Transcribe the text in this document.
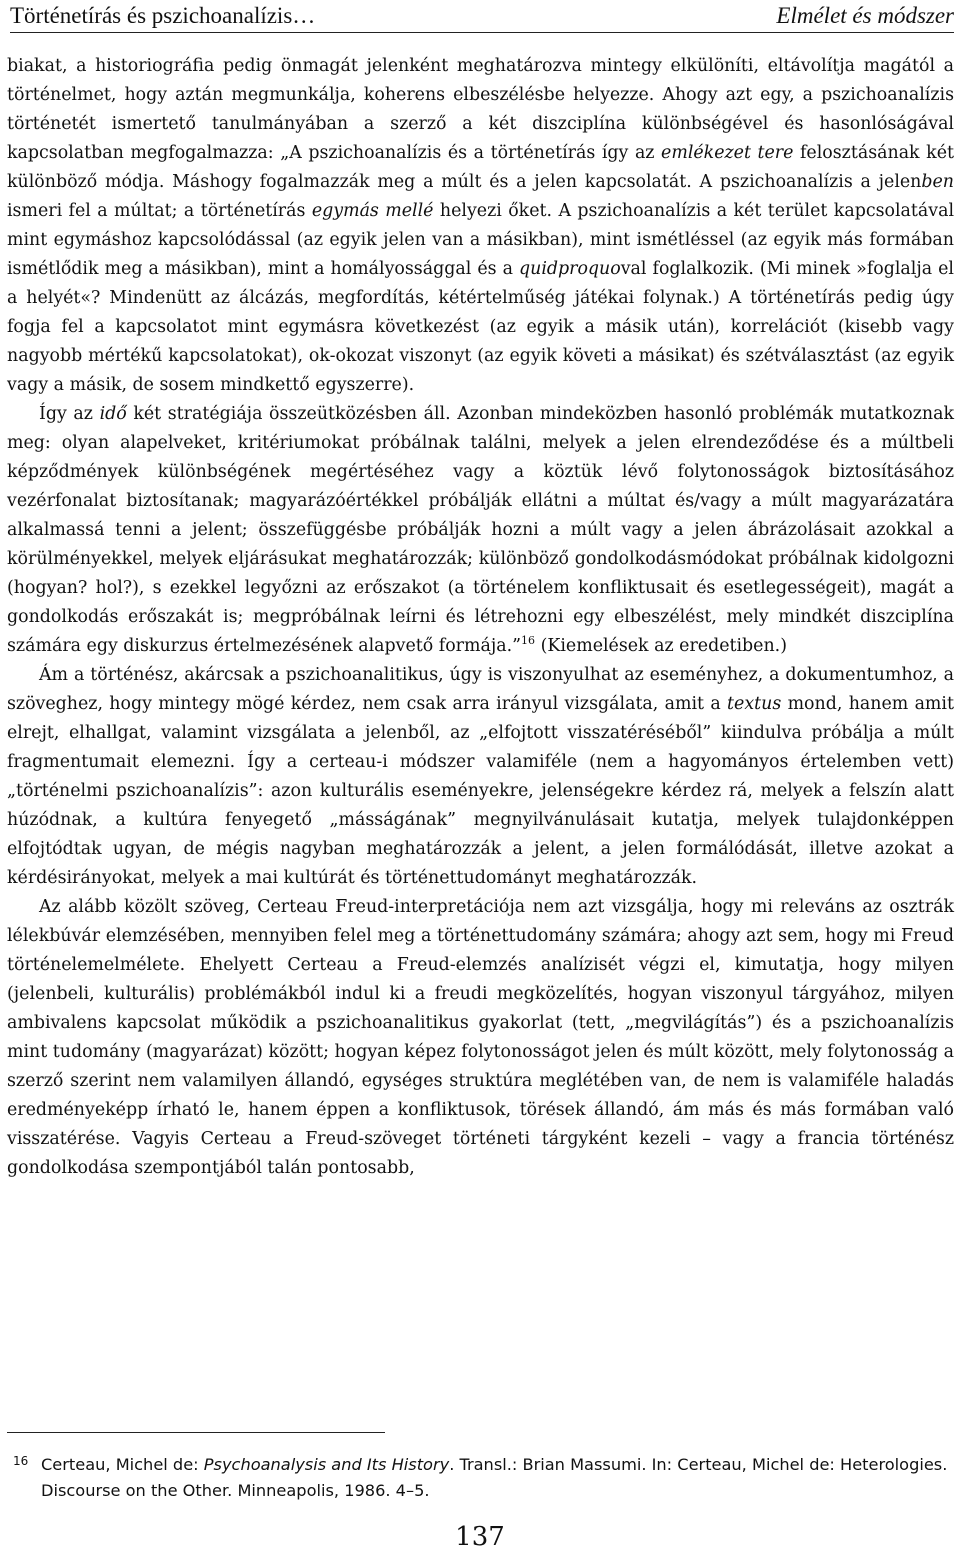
Történetírás és pszichoanalízis…	Elmélet és módszer

biakat, a historiográfia pedig önmagát jelenként meghatározva mintegy elkülöníti, eltávolítja magától a történelmet, hogy aztán megmunkálja, koherens elbeszélésbe helyezze. Ahogy azt egy, a pszichoanalízis történetét ismertető tanulmányában a szerző a két diszciplína különbségével és hasonlóságával kapcsolatban megfogalmazza: „A pszichoanalízis és a történetírás így az emlékezet tere felosztásának két különböző módja. Máshogy fogalmazzák meg a múlt és a jelen kapcsolatát. A pszichoanalízis a jelenben ismeri fel a múltat; a történetírás egymás mellé helyezi őket. A pszichoanalízis a két terület kapcsolatával mint egymáshoz kapcsolódással (az egyik jelen van a másikban), mint ismétléssel (az egyik más formában ismétlődik meg a másikban), mint a homályossággal és a quidproquoval foglalkozik. (Mi minek »foglalja el a helyét«? Mindenütt az álcázás, megfordítás, kétértelműség játékai folynak.) A történetírás pedig úgy fogja fel a kapcsolatot mint egymásra következést (az egyik a másik után), korrelációt (kisebb vagy nagyobb mértékű kapcsolatokat), ok-okozat viszonyt (az egyik követi a másikat) és szétválasztást (az egyik vagy a másik, de sosem mindkettő egyszerre).

Így az idő két stratégiája összeütközésben áll. Azonban mindeközben hasonló problémák mutatkoznak meg: olyan alapelveket, kritériumokat próbálnak találni, melyek a jelen elrendeződése és a múltbeli képződmények különbségének megértéséhez vagy a köztük lévő folytonosságok biztosításához vezérfonalat biztosítanak; magyarázóértékkel próbálják ellátni a múltat és/vagy a múlt magyarázatára alkalmassá tenni a jelent; összefüggésbe próbálják hozni a múlt vagy a jelen ábrázolásait azokkal a körülményekkel, melyek eljárásukat meghatározzák; különböző gondolkodásmódokat próbálnak kidolgozni (hogyan? hol?), s ezekkel legyőzni az erőszakot (a történelem konfliktusait és esetlegességeit), magát a gondolkodás erőszakát is; megpróbálnak leírni és létrehozni egy elbeszélést, mely mindkét diszciplína számára egy diskurzus értelmezésének alapvető formája.”$^{16}$ (Kiemelések az eredetiben.)

Ám a történész, akárcsak a pszichoanalitikus, úgy is viszonyulhat az eseményhez, a dokumentumhoz, a szöveghez, hogy mintegy mögé kérdez, nem csak arra irányul vizsgálata, amit a textus mond, hanem amit elrejt, elhallgat, valamint vizsgálata a jelenből, az „elfojtott visszatéréséből” kiindulva próbálja a múlt fragmentumait elemezni. Így a certeau-i módszer valamiféle (nem a hagyományos értelemben vett) „történelmi pszichoanalízis”: azon kulturális eseményekre, jelenségekre kérdez rá, melyek a felszín alatt húzódnak, a kultúra fenyegető „másságának” megnyilvánulásait kutatja, melyek tulajdonképpen elfojtódtak ugyan, de mégis nagyban meghatározzák a jelent, a jelen formálódását, illetve azokat a kérdésirányokat, melyek a mai kultúrát és történettudományt meghatározzák.

Az alább közölt szöveg, Certeau Freud-interpretációja nem azt vizsgálja, hogy mi releváns az osztrák lélekbúvár elemzésében, mennyiben felel meg a történettudomány számára; ahogy azt sem, hogy mi Freud történelemelmélete. Ehelyett Certeau a Freud-elemzés analízisét végzi el, kimutatja, hogy milyen (jelenbeli, kulturális) problémákból indul ki a freudi megközelítés, hogyan viszonyul tárgyához, milyen ambivalens kapcsolat működik a pszichoanalitikus gyakorlat (tett, „megvilágítás”) és a pszichoanalízis mint tudomány (magyarázat) között; hogyan képez folytonosságot jelen és múlt között, mely folytonosság a szerző szerint nem valamilyen állandó, egységes struktúra meglétében van, de nem is valamiféle haladás eredményeképp írható le, hanem éppen a konfliktusok, törések állandó, ám más és más formában való visszatérése. Vagyis Certeau a Freud-szöveget történeti tárgyként kezeli – vagy a francia történész gondolkodása szempontjából talán pontosabb,

16 Certeau, Michel de: Psychoanalysis and Its History. Transl.: Brian Massumi. In: Certeau, Michel de: Heterologies. Discourse on the Other. Minneapolis, 1986. 4–5.
137
